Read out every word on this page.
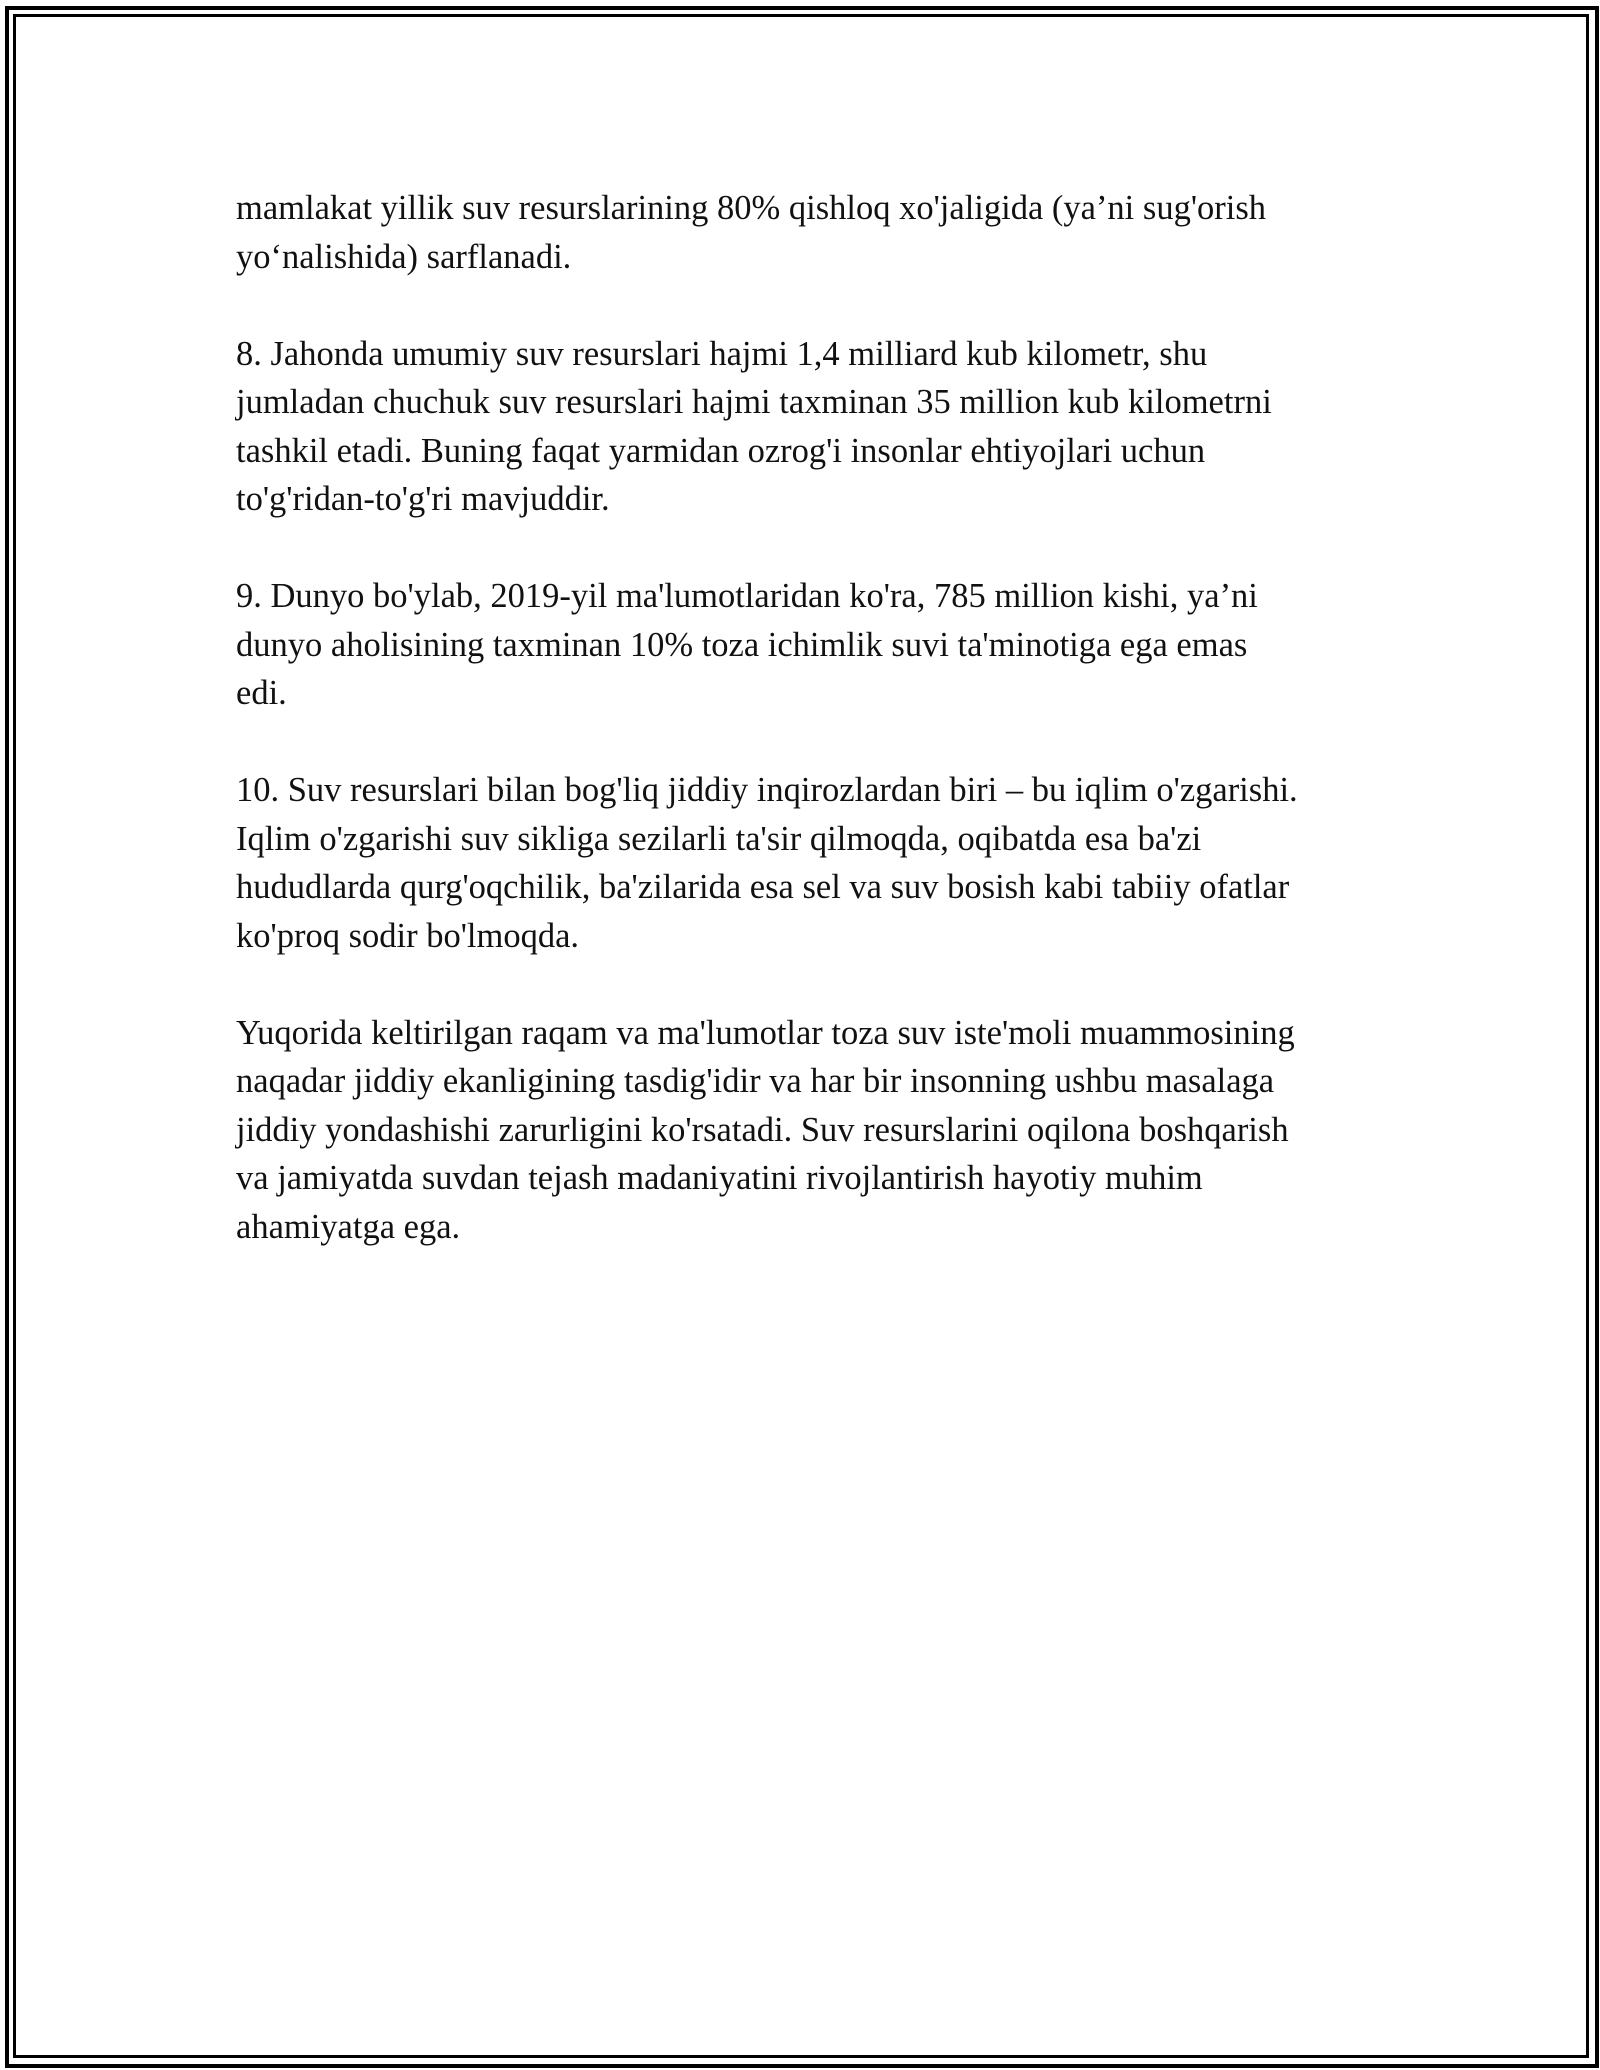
mamlakat yillik suv resurslarining 80% qishloq xo'jaligida (ya’ni sug'orish
yo‘nalishida) sarflanadi.

8. Jahonda umumiy suv resurslari hajmi 1,4 milliard kub kilometr, shu
jumladan chuchuk suv resurslari hajmi taxminan 35 million kub kilometrni
tashkil etadi. Buning faqat yarmidan ozrog'i insonlar ehtiyojlari uchun
to'g'ridan-to'g'ri mavjuddir.

9. Dunyo bo'ylab, 2019-yil ma'lumotlaridan ko'ra, 785 million kishi, ya’ni
dunyo aholisining taxminan 10% toza ichimlik suvi ta'minotiga ega emas
edi.

10. Suv resurslari bilan bog'liq jiddiy inqirozlardan biri – bu iqlim o'zgarishi.
Iqlim o'zgarishi suv sikliga sezilarli ta'sir qilmoqda, oqibatda esa ba'zi
hududlarda qurg'oqchilik, ba'zilarida esa sel va suv bosish kabi tabiiy ofatlar
ko'proq sodir bo'lmoqda.

Yuqorida keltirilgan raqam va ma'lumotlar toza suv iste'moli muammosining
naqadar jiddiy ekanligining tasdig'idir va har bir insonning ushbu masalaga
jiddiy yondashishi zarurligini ko'rsatadi. Suv resurslarini oqilona boshqarish
va jamiyatda suvdan tejash madaniyatini rivojlantirish hayotiy muhim
ahamiyatga ega.
